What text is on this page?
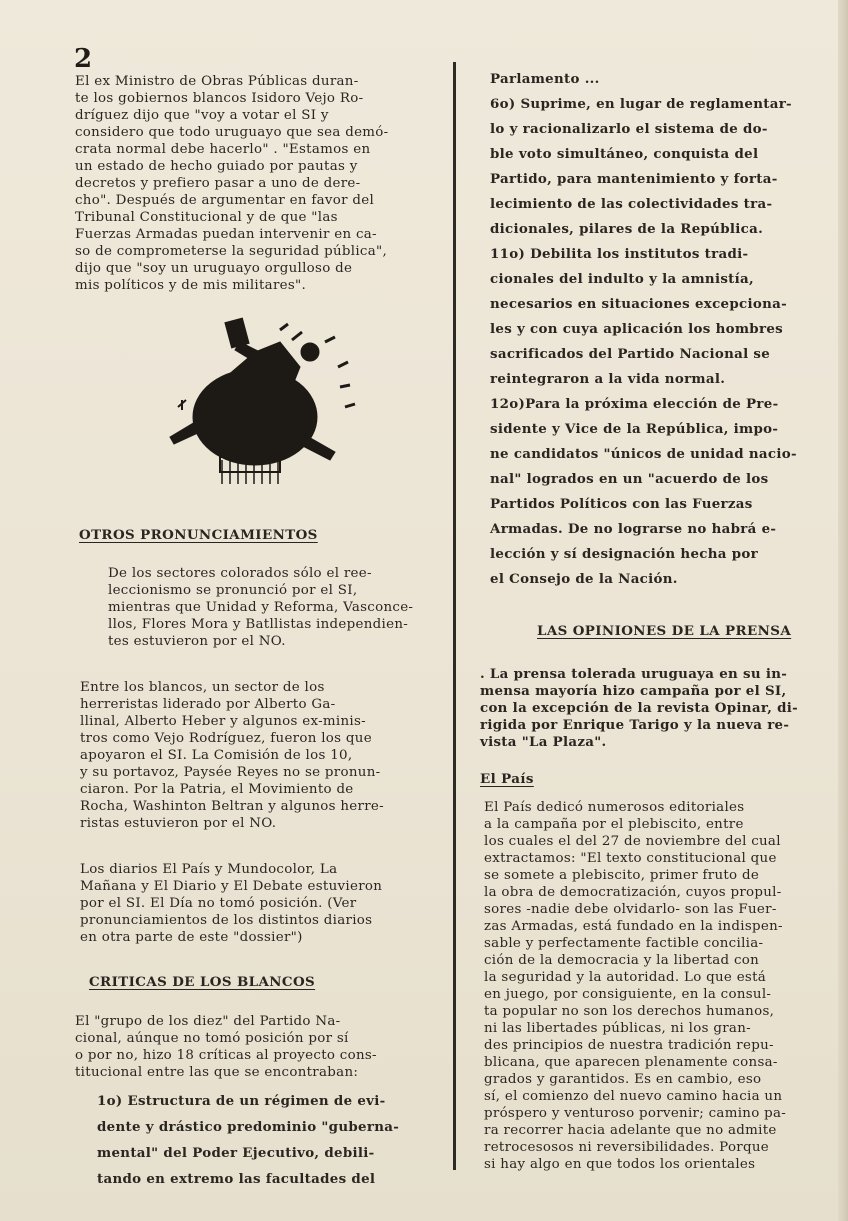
2
El ex Ministro de Obras Públicas duran-
te los gobiernos blancos Isidoro Vejo Ro-
dríguez dijo que "voy a votar el SI y
considero que todo uruguayo que sea demó-
crata normal debe hacerlo" . "Estamos en
un estado de hecho guiado por pautas y
decretos y prefiero pasar a uno de dere-
cho". Después de argumentar en favor del
Tribunal Constitucional y de que "las
Fuerzas Armadas puedan intervenir en ca-
so de comprometerse la seguridad pública",
dijo que "soy un uruguayo orgulloso de
mis políticos y de mis militares".
OTROS PRONUNCIAMIENTOS
De los sectores colorados sólo el ree-
leccionismo se pronunció por el SI,
mientras que Unidad y Reforma, Vasconce-
llos, Flores Mora y Batllistas independien-
tes estuvieron por el NO.
Entre los blancos, un sector de los
herreristas liderado por Alberto Ga-
llinal, Alberto Heber y algunos ex-minis-
tros como Vejo Rodríguez, fueron los que
apoyaron el SI. La Comisión de los 10,
y su portavoz, Paysée Reyes no se pronun-
ciaron. Por la Patria, el Movimiento de
Rocha, Washinton Beltran y algunos herre-
ristas estuvieron por el NO.
Los diarios El País y Mundocolor, La
Mañana y El Diario y El Debate estuvieron
por el SI. El Día no tomó posición. (Ver
pronunciamientos de los distintos diarios
en otra parte de este "dossier")
CRITICAS DE LOS BLANCOS
El "grupo de los diez" del Partido Na-
cional, aúnque no tomó posición por sí
o por no, hizo 18 críticas al proyecto cons-
titucional entre las que se encontraban:
1o) Estructura de un régimen de evi-
dente y drástico predominio "guberna-
mental" del Poder Ejecutivo, debili-
tando en extremo las facultades del
Parlamento ...
6o) Suprime, en lugar de reglamentar-
lo y racionalizarlo el sistema de do-
ble voto simultáneo, conquista del
Partido, para mantenimiento y forta-
lecimiento de las colectividades tra-
dicionales, pilares de la República.
11o) Debilita los institutos tradi-
cionales del indulto y la amnistía,
necesarios en situaciones excepciona-
les y con cuya aplicación los hombres
sacrificados del Partido Nacional se
reintegraron a la vida normal.
12o)Para la próxima elección de Pre-
sidente y Vice de la República, impo-
ne candidatos "únicos de unidad nacio-
nal" logrados en un "acuerdo de los
Partidos Políticos con las Fuerzas
Armadas. De no lograrse no habrá e-
lección y sí designación hecha por
el Consejo de la Nación.
LAS OPINIONES DE LA PRENSA
. La prensa tolerada uruguaya en su in-
mensa mayoría hizo campaña por el SI,
con la excepción de la revista Opinar, di-
rigida por Enrique Tarigo y la nueva re-
vista "La Plaza".
El País
El País dedicó numerosos editoriales
a la campaña por el plebiscito, entre
los cuales el del 27 de noviembre del cual
extractamos: "El texto constitucional que
se somete a plebiscito, primer fruto de
la obra de democratización, cuyos propul-
sores -nadie debe olvidarlo- son las Fuer-
zas Armadas, está fundado en la indispen-
sable y perfectamente factible concilia-
ción de la democracia y la libertad con
la seguridad y la autoridad. Lo que está
en juego, por consiguiente, en la consul-
ta popular no son los derechos humanos,
ni las libertades públicas, ni los gran-
des principios de nuestra tradición repu-
blicana, que aparecen plenamente consa-
grados y garantidos. Es en cambio, eso
sí, el comienzo del nuevo camino hacia un
próspero y venturoso porvenir; camino pa-
ra recorrer hacia adelante que no admite
retrocesosos ni reversibilidades. Porque
si hay algo en que todos los orientales
